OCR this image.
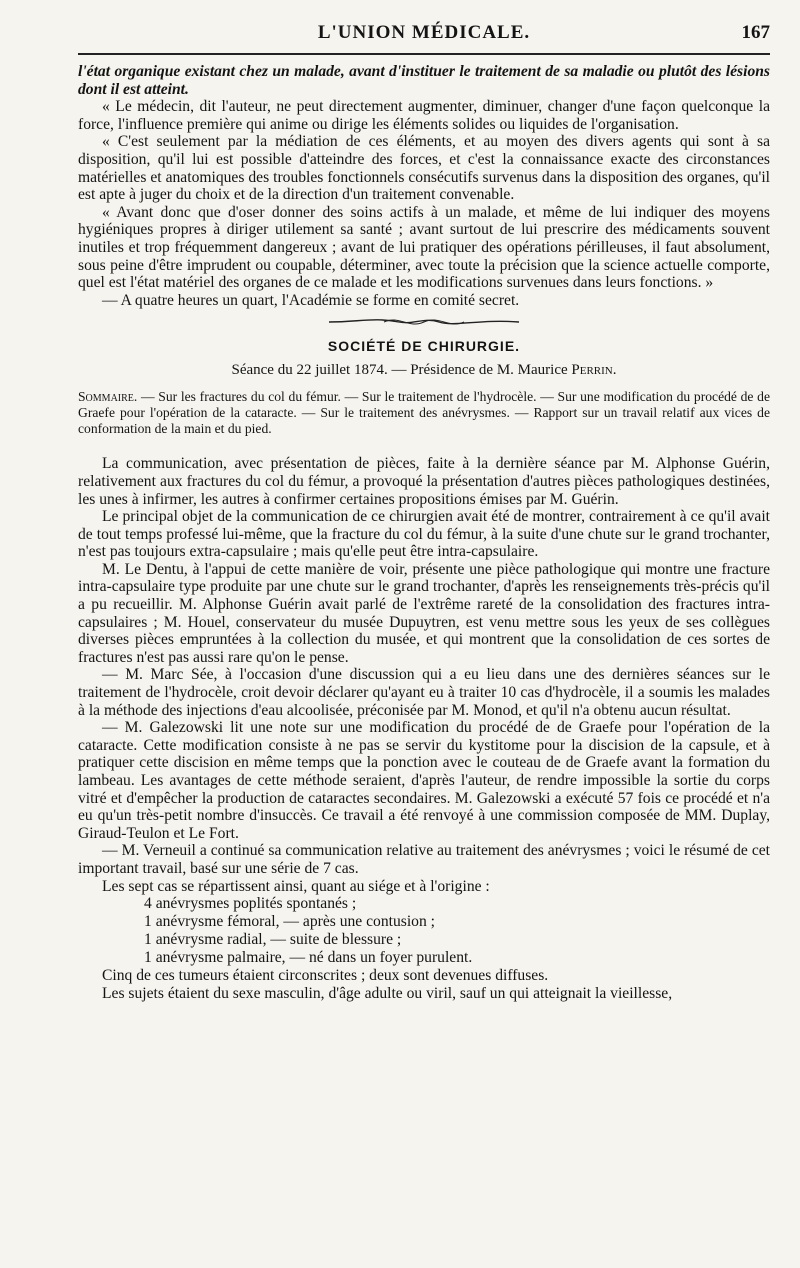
L'UNION MÉDICALE.	167

l'état organique existant chez un malade, avant d'instituer le traitement de sa maladie ou plutôt des lésions dont il est atteint.

« Le médecin, dit l'auteur, ne peut directement augmenter, diminuer, changer d'une façon quelconque la force, l'influence première qui anime ou dirige les éléments solides ou liquides de l'organisation.

« C'est seulement par la médiation de ces éléments, et au moyen des divers agents qui sont à sa disposition, qu'il lui est possible d'atteindre des forces, et c'est la connaissance exacte des circonstances matérielles et anatomiques des troubles fonctionnels consécutifs survenus dans la disposition des organes, qu'il est apte à juger du choix et de la direction d'un traitement convenable.

« Avant donc que d'oser donner des soins actifs à un malade, et même de lui indiquer des moyens hygiéniques propres à diriger utilement sa santé ; avant surtout de lui prescrire des médicaments souvent inutiles et trop fréquemment dangereux ; avant de lui pratiquer des opérations périlleuses, il faut absolument, sous peine d'être imprudent ou coupable, déterminer, avec toute la précision que la science actuelle comporte, quel est l'état matériel des organes de ce malade et les modifications survenues dans leurs fonctions. »

— A quatre heures un quart, l'Académie se forme en comité secret.

SOCIÉTÉ DE CHIRURGIE.
Séance du 22 juillet 1874. — Présidence de M. Maurice Perrin.

Sommaire. — Sur les fractures du col du fémur. — Sur le traitement de l'hydrocèle. — Sur une modification du procédé de de Graefe pour l'opération de la cataracte. — Sur le traitement des anévrysmes. — Rapport sur un travail relatif aux vices de conformation de la main et du pied.

La communication, avec présentation de pièces, faite à la dernière séance par M. Alphonse Guérin, relativement aux fractures du col du fémur, a provoqué la présentation d'autres pièces pathologiques destinées, les unes à infirmer, les autres à confirmer certaines propositions émises par M. Guérin.

Le principal objet de la communication de ce chirurgien avait été de montrer, contrairement à ce qu'il avait de tout temps professé lui-même, que la fracture du col du fémur, à la suite d'une chute sur le grand trochanter, n'est pas toujours extra-capsulaire ; mais qu'elle peut être intra-capsulaire.

M. Le Dentu, à l'appui de cette manière de voir, présente une pièce pathologique qui montre une fracture intra-capsulaire type produite par une chute sur le grand trochanter, d'après les renseignements très-précis qu'il a pu recueillir. M. Alphonse Guérin avait parlé de l'extrême rareté de la consolidation des fractures intra-capsulaires ; M. Houel, conservateur du musée Dupuytren, est venu mettre sous les yeux de ses collègues diverses pièces empruntées à la collection du musée, et qui montrent que la consolidation de ces sortes de fractures n'est pas aussi rare qu'on le pense.

— M. Marc Sée, à l'occasion d'une discussion qui a eu lieu dans une des dernières séances sur le traitement de l'hydrocèle, croit devoir déclarer qu'ayant eu à traiter 10 cas d'hydrocèle, il a soumis les malades à la méthode des injections d'eau alcoolisée, préconisée par M. Monod, et qu'il n'a obtenu aucun résultat.

— M. Galezowski lit une note sur une modification du procédé de de Graefe pour l'opération de la cataracte. Cette modification consiste à ne pas se servir du kystitome pour la discision de la capsule, et à pratiquer cette discision en même temps que la ponction avec le couteau de de Graefe avant la formation du lambeau. Les avantages de cette méthode seraient, d'après l'auteur, de rendre impossible la sortie du corps vitré et d'empêcher la production de cataractes secondaires. M. Galezowski a exécuté 57 fois ce procédé et n'a eu qu'un très-petit nombre d'insuccès. Ce travail a été renvoyé à une commission composée de MM. Duplay, Giraud-Teulon et Le Fort.

— M. Verneuil a continué sa communication relative au traitement des anévrysmes ; voici le résumé de cet important travail, basé sur une série de 7 cas.

Les sept cas se répartissent ainsi, quant au siége et à l'origine :

4 anévrysmes poplités spontanés ;
1 anévrysme fémoral, — après une contusion ;
1 anévrysme radial, — suite de blessure ;
1 anévrysme palmaire, — né dans un foyer purulent.

Cinq de ces tumeurs étaient circonscrites ; deux sont devenues diffuses.

Les sujets étaient du sexe masculin, d'âge adulte ou viril, sauf un qui atteignait la vieillesse,
